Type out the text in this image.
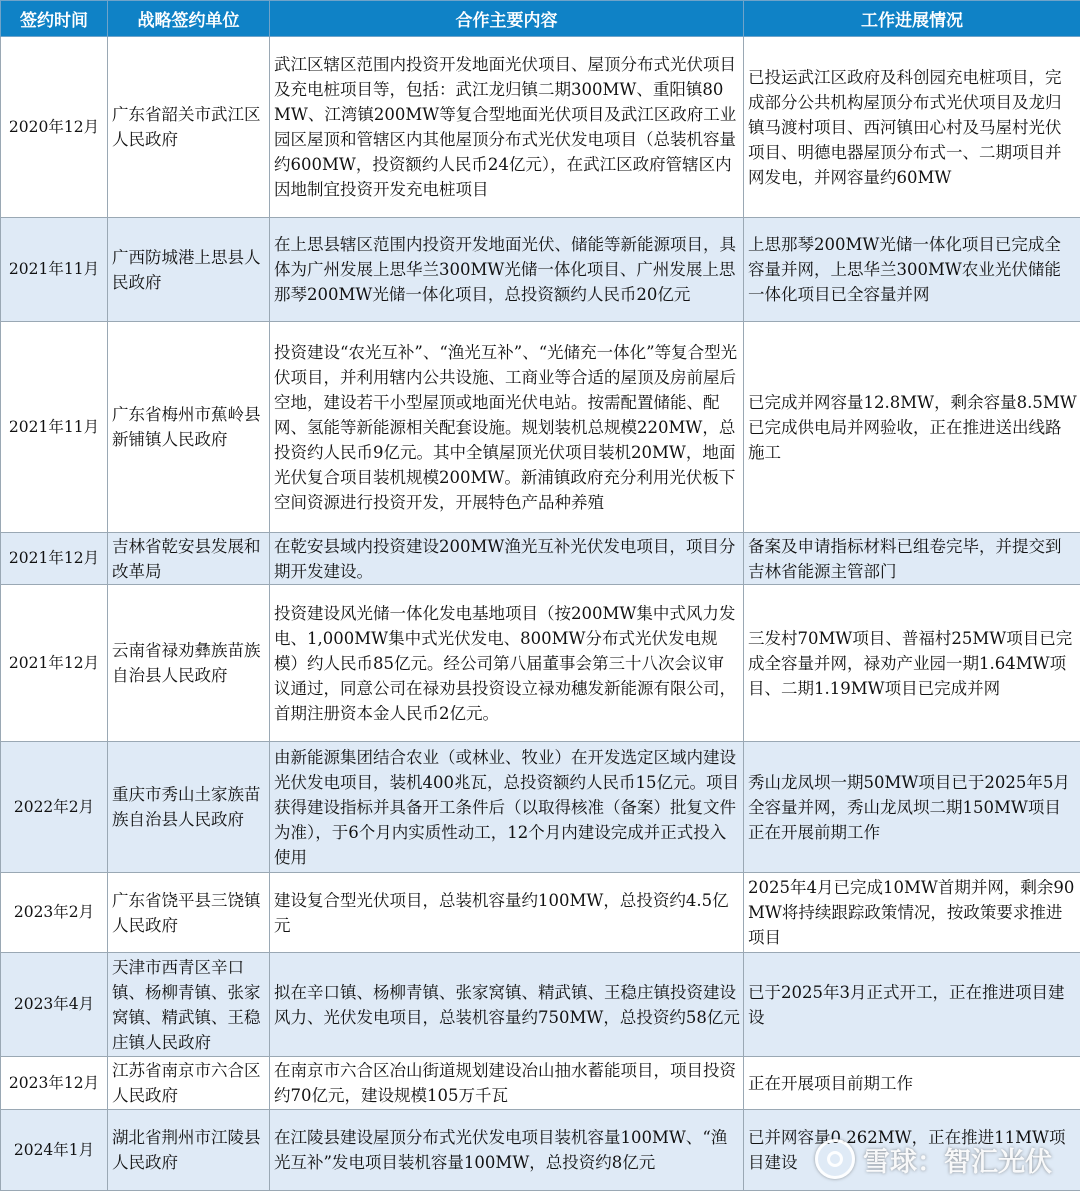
签约时间	战略签约单位	合作主要内容	工作进展情况
2020年12月	广东省韶关市武江区人民政府	武江区辖区范围内投资开发地面光伏项目、屋顶分布式光伏项目及充电桩项目等，包括：武江龙归镇二期300MW、重阳镇80MW、江湾镇200MW等复合型地面光伏项目及武江区政府工业园区屋顶和管辖区内其他屋顶分布式光伏发电项目（总装机容量约600MW，投资额约人民币24亿元），在武江区政府管辖区内因地制宜投资开发充电桩项目	已投运武江区政府及科创园充电桩项目，完成部分公共机构屋顶分布式光伏项目及龙归镇马渡村项目、西河镇田心村及马屋村光伏项目、明德电器屋顶分布式一、二期项目并网发电，并网容量约60MW
2021年11月	广西防城港上思县人民政府	在上思县辖区范围内投资开发地面光伏、储能等新能源项目，具体为广州发展上思华兰300MW光储一体化项目、广州发展上思那琴200MW光储一体化项目，总投资额约人民币20亿元	上思那琴200MW光储一体化项目已完成全容量并网，上思华兰300MW农业光伏储能一体化项目已全容量并网
2021年11月	广东省梅州市蕉岭县新铺镇人民政府	投资建设“农光互补”、“渔光互补”、“光储充一体化”等复合型光伏项目，并利用辖内公共设施、工商业等合适的屋顶及房前屋后空地，建设若干小型屋顶或地面光伏电站。按需配置储能、配网、氢能等新能源相关配套设施。规划装机总规模220MW，总投资约人民币9亿元。其中全镇屋顶光伏项目装机20MW，地面光伏复合项目装机规模200MW。新浦镇政府充分利用光伏板下空间资源进行投资开发，开展特色产品种养殖	已完成并网容量12.8MW，剩余容量8.5MW已完成供电局并网验收，正在推进送出线路施工
2021年12月	吉林省乾安县发展和改革局	在乾安县域内投资建设200MW渔光互补光伏发电项目，项目分期开发建设。	备案及申请指标材料已组卷完毕，并提交到吉林省能源主管部门
2021年12月	云南省禄劝彝族苗族自治县人民政府	投资建设风光储一体化发电基地项目（按200MW集中式风力发电、1,000MW集中式光伏发电、800MW分布式光伏发电规模）约人民币85亿元。经公司第八届董事会第三十八次会议审议通过，同意公司在禄劝县投资设立禄劝穗发新能源有限公司，首期注册资本金人民币2亿元。	三发村70MW项目、普福村25MW项目已完成全容量并网，禄劝产业园一期1.64MW项目、二期1.19MW项目已完成并网
2022年2月	重庆市秀山土家族苗族自治县人民政府	由新能源集团结合农业（或林业、牧业）在开发选定区域内建设光伏发电项目，装机400兆瓦，总投资额约人民币15亿元。项目获得建设指标并具备开工条件后（以取得核准（备案）批复文件为准），于6个月内实质性动工，12个月内建设完成并正式投入使用	秀山龙凤坝一期50MW项目已于2025年5月全容量并网，秀山龙凤坝二期150MW项目正在开展前期工作
2023年2月	广东省饶平县三饶镇人民政府	建设复合型光伏项目，总装机容量约100MW，总投资约4.5亿元	2025年4月已完成10MW首期并网，剩余90MW将持续跟踪政策情况，按政策要求推进项目
2023年4月	天津市西青区辛口镇、杨柳青镇、张家窝镇、精武镇、王稳庄镇人民政府	拟在辛口镇、杨柳青镇、张家窝镇、精武镇、王稳庄镇投资建设风力、光伏发电项目，总装机容量约750MW，总投资约58亿元	已于2025年3月正式开工，正在推进项目建设
2023年12月	江苏省南京市六合区人民政府	在南京市六合区冶山街道规划建设冶山抽水蓄能项目，项目投资约70亿元，建设规模105万千瓦	正在开展项目前期工作
2024年1月	湖北省荆州市江陵县人民政府	在江陵县建设屋顶分布式光伏发电项目装机容量100MW、“渔光互补”发电项目装机容量100MW，总投资约8亿元	已并网容量0.262MW，正在推进11MW项目建设 雪球：智汇光伏
